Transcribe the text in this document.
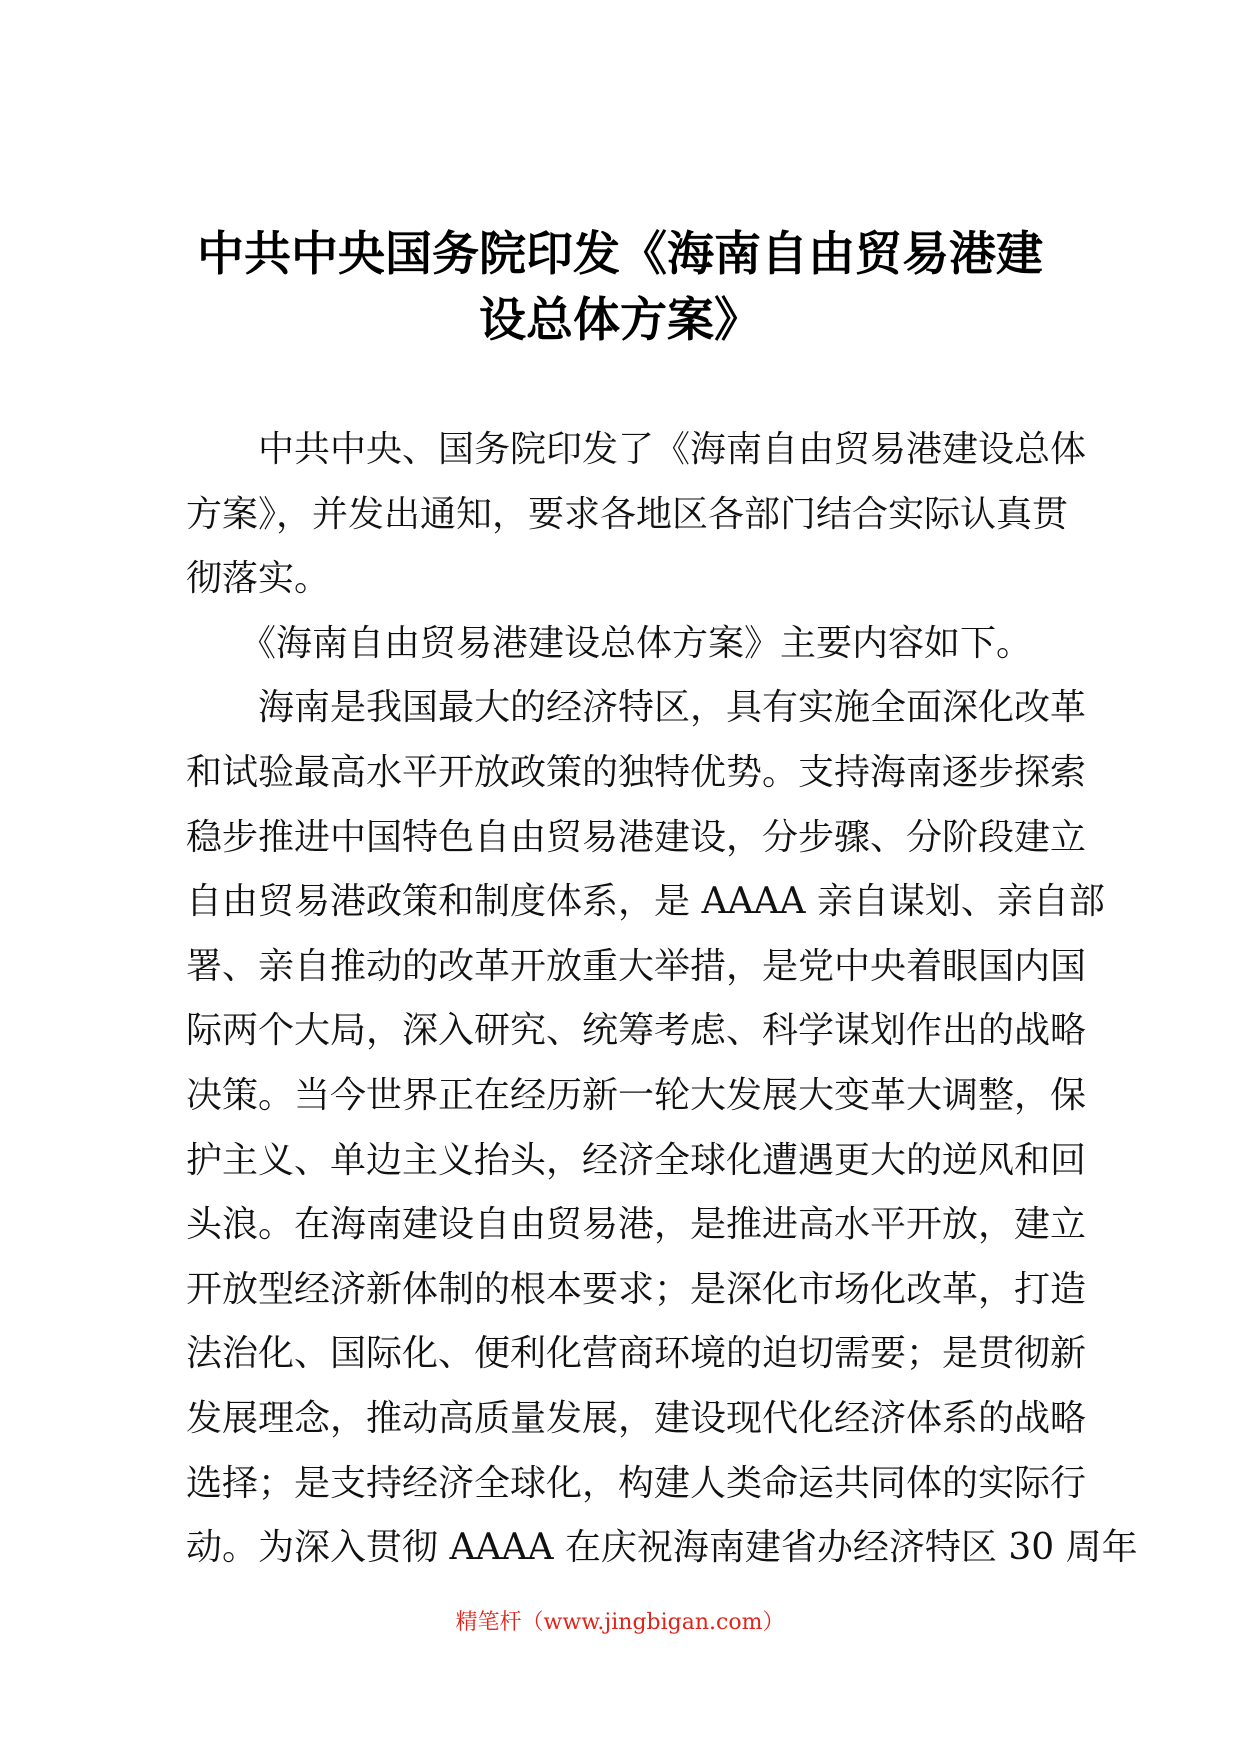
中共中央国务院印发《海南自由贸易港建
设总体方案》
　　中共中央、国务院印发了《海南自由贸易港建设总体
方案》，并发出通知，要求各地区各部门结合实际认真贯
彻落实。
　　《海南自由贸易港建设总体方案》主要内容如下。
　　海南是我国最大的经济特区，具有实施全面深化改革
和试验最高水平开放政策的独特优势。支持海南逐步探索
稳步推进中国特色自由贸易港建设，分步骤、分阶段建立
自由贸易港政策和制度体系，是 AAAA 亲自谋划、亲自部
署、亲自推动的改革开放重大举措，是党中央着眼国内国
际两个大局，深入研究、统筹考虑、科学谋划作出的战略
决策。当今世界正在经历新一轮大发展大变革大调整，保
护主义、单边主义抬头，经济全球化遭遇更大的逆风和回
头浪。在海南建设自由贸易港，是推进高水平开放，建立
开放型经济新体制的根本要求；是深化市场化改革，打造
法治化、国际化、便利化营商环境的迫切需要；是贯彻新
发展理念，推动高质量发展，建设现代化经济体系的战略
选择；是支持经济全球化，构建人类命运共同体的实际行
动。为深入贯彻 AAAA 在庆祝海南建省办经济特区 30 周年
精笔杆（www.jingbigan.com）
